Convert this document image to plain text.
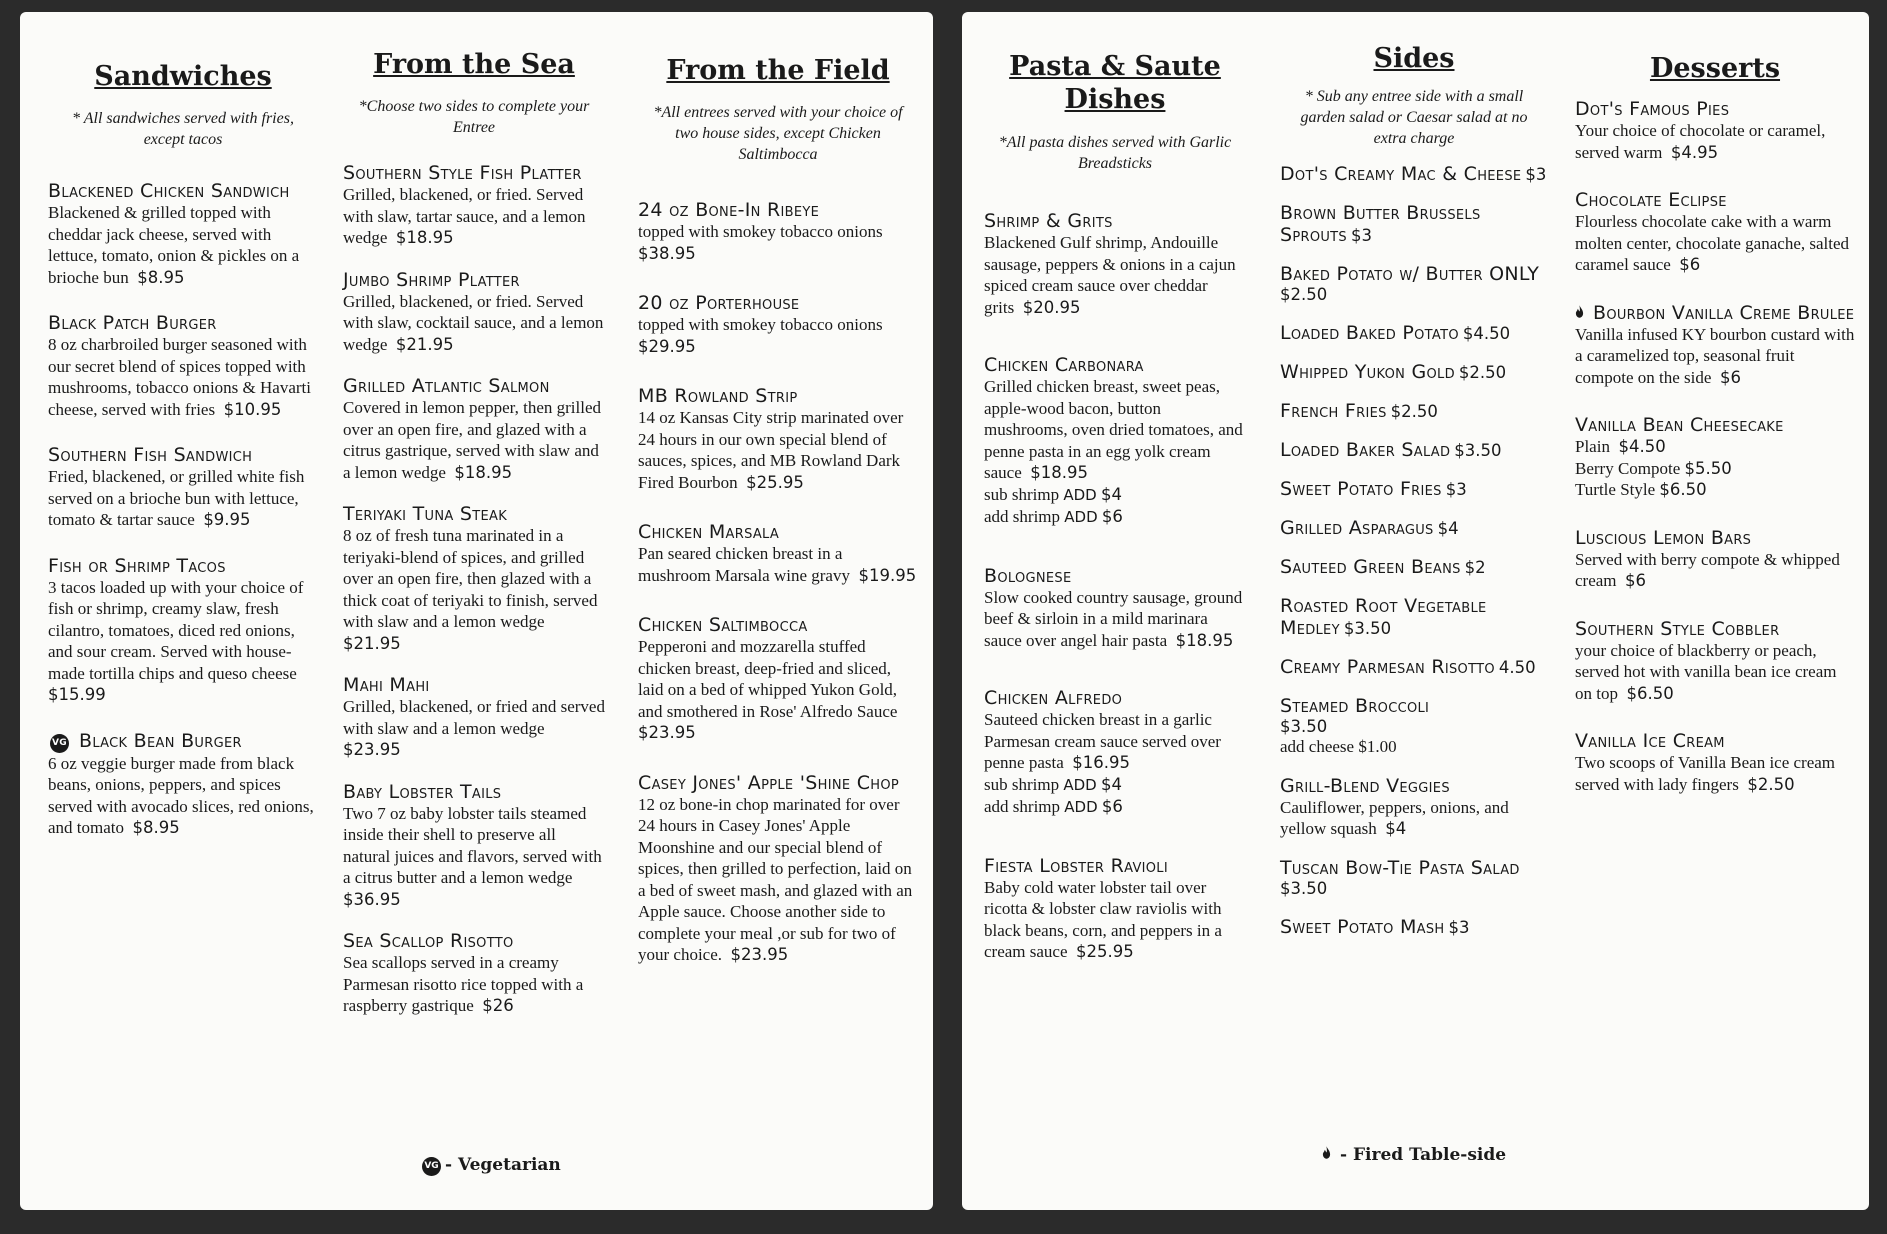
Sandwiches
* All sandwiches served with fries, except tacos
Blackened Chicken Sandwich
Blackened & grilled topped with cheddar jack cheese, served with lettuce, tomato, onion & pickles on a brioche bun $8.95
Black Patch Burger
8 oz charbroiled burger seasoned with our secret blend of spices topped with mushrooms, tobacco onions & Havarti cheese, served with fries $10.95
Southern Fish Sandwich
Fried, blackened, or grilled white fish served on a brioche bun with lettuce, tomato & tartar sauce $9.95
Fish or Shrimp Tacos
3 tacos loaded up with your choice of fish or shrimp, creamy slaw, fresh cilantro, tomatoes, diced red onions, and sour cream. Served with house-made tortilla chips and queso cheese  $15.99
VG Black Bean Burger
6 oz veggie burger made from black beans, onions, peppers, and spices served with avocado slices, red onions, and tomato $8.95
From the Sea
*Choose two sides to complete your Entree
Southern Style Fish Platter
Grilled, blackened, or fried. Served with slaw, tartar sauce, and a lemon wedge $18.95
Jumbo Shrimp Platter
Grilled, blackened, or fried. Served with slaw, cocktail sauce, and a lemon wedge $21.95
Grilled Atlantic Salmon
Covered in lemon pepper, then grilled over an open fire, and glazed with a citrus gastrique, served with slaw and a lemon wedge $18.95
Teriyaki Tuna Steak
8 oz of fresh tuna marinated in a teriyaki-blend of spices, and grilled over an open fire, then glazed with a thick coat of teriyaki to finish, served with slaw and a lemon wedge  $21.95
Mahi Mahi
Grilled, blackened, or fried and served with slaw and a lemon wedge  $23.95
Baby Lobster Tails
Two 7 oz baby lobster tails steamed inside their shell to preserve all natural juices and flavors, served with a citrus butter and a lemon wedge  $36.95
Sea Scallop Risotto
Sea scallops served in a creamy Parmesan risotto rice topped with a raspberry gastrique $26
VG - Vegetarian
From the Field
*All entrees served with your choice of two house sides, except Chicken Saltimbocca
24 oz Bone-In Ribeye
topped with smokey tobacco onions  $38.95
20 oz Porterhouse
topped with smokey tobacco onions  $29.95
MB Rowland Strip
14 oz Kansas City strip marinated over 24 hours in our own special blend of sauces, spices, and MB Rowland Dark Fired Bourbon $25.95
Chicken Marsala
Pan seared chicken breast in a mushroom Marsala wine gravy $19.95
Chicken Saltimbocca
Pepperoni and mozzarella stuffed chicken breast, deep-fried and sliced, laid on a bed of whipped Yukon Gold, and smothered in Rose' Alfredo Sauce  $23.95
Casey Jones' Apple 'Shine Chop
12 oz bone-in chop marinated for over 24 hours in Casey Jones' Apple Moonshine and our special blend of spices, then grilled to perfection, laid on a bed of sweet mash, and glazed with an Apple sauce. Choose another side to complete your meal ,or sub for two of your choice. $23.95
Pasta & Saute
Dishes
*All pasta dishes served with Garlic Breadsticks
Shrimp & Grits
Blackened Gulf shrimp, Andouille sausage, peppers & onions in a cajun spiced cream sauce over cheddar grits $20.95
Chicken Carbonara
Grilled chicken breast, sweet peas, apple-wood bacon, button mushrooms, oven dried tomatoes, and penne pasta in an egg yolk cream sauce $18.95
sub shrimp ADD $4
add shrimp ADD $6
Bolognese
Slow cooked country sausage, ground beef & sirloin in a mild marinara sauce over angel hair pasta $18.95
Chicken Alfredo
Sauteed chicken breast in a garlic Parmesan cream sauce served over penne pasta $16.95
sub shrimp ADD $4
add shrimp ADD $6
Fiesta Lobster Ravioli
Baby cold water lobster tail over ricotta & lobster claw raviolis with black beans, corn, and peppers in a cream sauce $25.95
Sides
* Sub any entree side with a small garden salad or Caesar salad at no extra charge
Dot's Creamy Mac & Cheese $3
Brown Butter Brussels Sprouts $3
Baked Potato w/ Butter ONLY $2.50
Loaded Baked Potato $4.50
Whipped Yukon Gold $2.50
French Fries $2.50
Loaded Baker Salad $3.50
Sweet Potato Fries $3
Grilled Asparagus $4
Sauteed Green Beans $2
Roasted Root Vegetable Medley $3.50
Creamy Parmesan Risotto 4.50
Steamed Broccoli
$3.50
add cheese $1.00
Grill-Blend Veggies
Cauliflower, peppers, onions, and yellow squash $4
Tuscan Bow-Tie Pasta Salad $3.50
Sweet Potato Mash $3
- Fired Table-side
Desserts
Dot's Famous Pies
Your choice of chocolate or caramel, served warm $4.95
Chocolate Eclipse
Flourless chocolate cake with a warm molten center, chocolate ganache, salted caramel sauce $6
Bourbon Vanilla Creme Brulee
Vanilla infused KY bourbon custard with a caramelized top, seasonal fruit compote on the side $6
Vanilla Bean Cheesecake
Plain $4.50
Berry Compote $5.50
Turtle Style $6.50
Luscious Lemon Bars
Served with berry compote & whipped cream $6
Southern Style Cobbler
your choice of blackberry or peach, served hot with vanilla bean ice cream on top $6.50
Vanilla Ice Cream
Two scoops of Vanilla Bean ice cream served with lady fingers $2.50
